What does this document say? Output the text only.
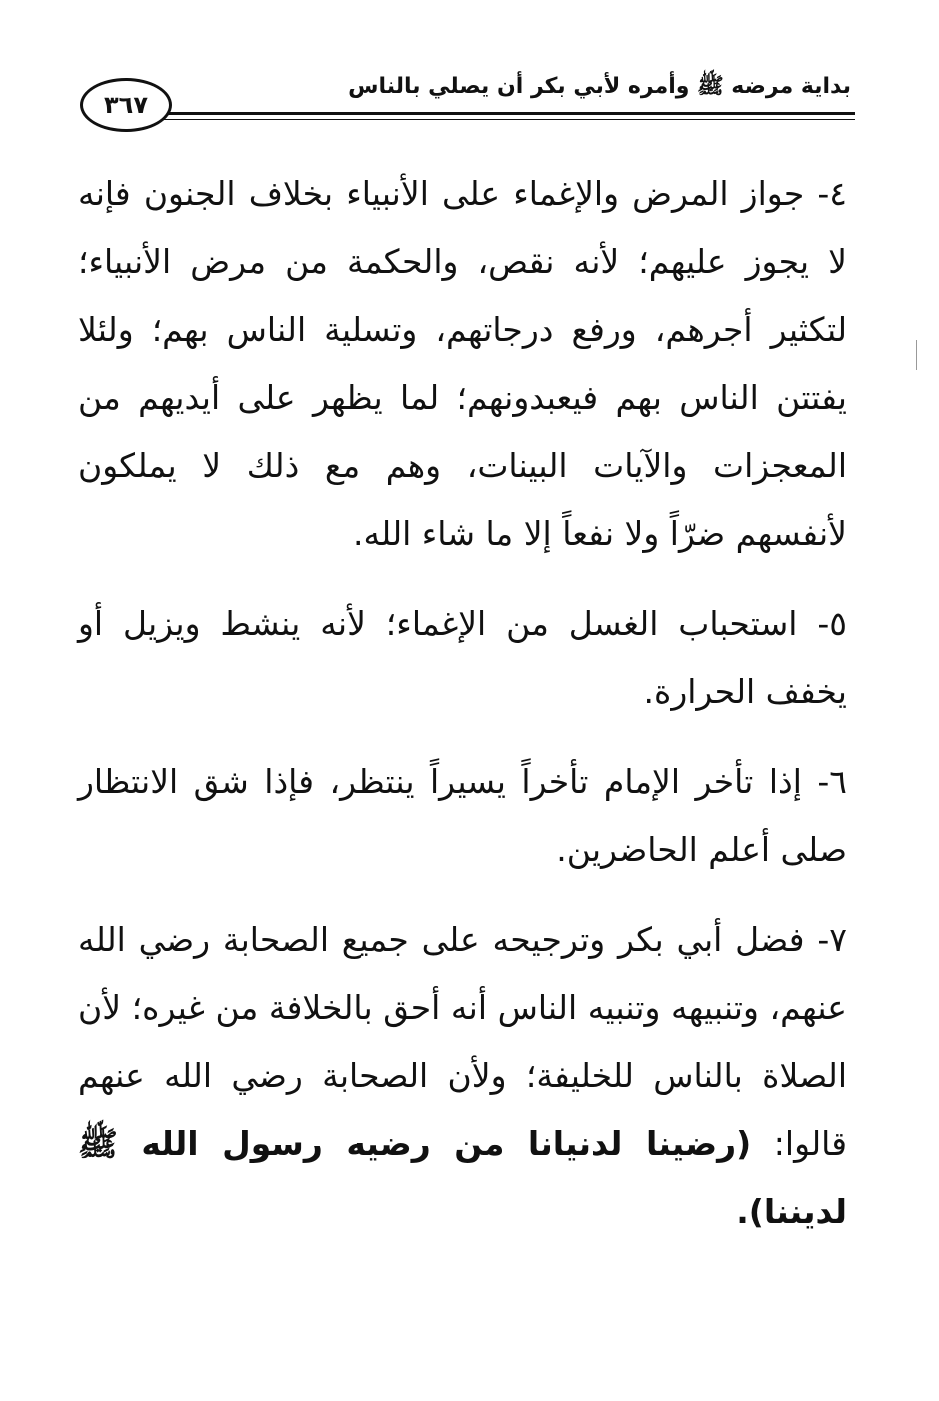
بداية مرضه ﷺ وأمره لأبي بكر أن يصلي بالناس
٣٦٧

٤- جواز المرض والإغماء على الأنبياء بخلاف الجنون فإنه لا يجوز عليهم؛ لأنه نقص، والحكمة من مرض الأنبياء؛ لتكثير أجرهم، ورفع درجاتهم، وتسلية الناس بهم؛ ولئلا يفتتن الناس بهم فيعبدونهم؛ لما يظهر على أيديهم من المعجزات والآيات البينات، وهم مع ذلك لا يملكون لأنفسهم ضرّاً ولا نفعاً إلا ما شاء الله.

٥- استحباب الغسل من الإغماء؛ لأنه ينشط ويزيل أو يخفف الحرارة.

٦- إذا تأخر الإمام تأخراً يسيراً ينتظر، فإذا شق الانتظار صلى أعلم الحاضرين.

٧- فضل أبي بكر وترجيحه على جميع الصحابة رضي الله عنهم، وتنبيهه وتنبيه الناس أنه أحق بالخلافة من غيره؛ لأن الصلاة بالناس للخليفة؛ ولأن الصحابة رضي الله عنهم قالوا: (رضينا لدنيانا من رضيه رسول الله ﷺ لديننا).
